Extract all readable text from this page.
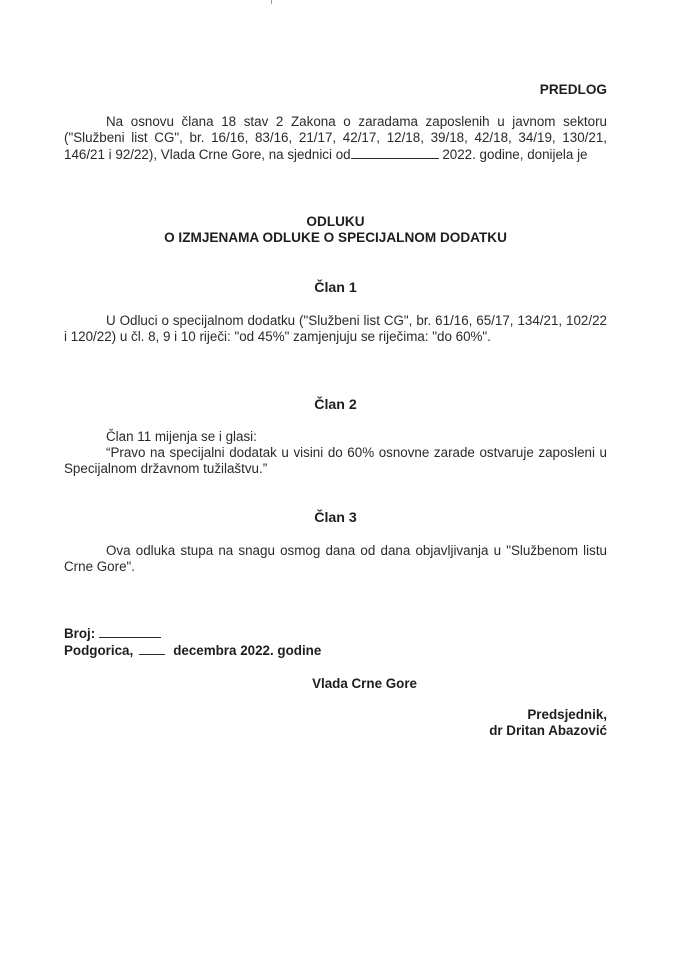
PREDLOG
Na osnovu člana 18 stav 2 Zakona o zaradama zaposlenih u javnom sektoru ("Službeni list CG", br. 16/16, 83/16, 21/17, 42/17, 12/18, 39/18, 42/18, 34/19, 130/21, 146/21 i 92/22), Vlada Crne Gore, na sjednici od	2022. godine, donijela je
ODLUKU
O IZMJENAMA ODLUKE O SPECIJALNOM DODATKU
Član 1
U Odluci o specijalnom dodatku ("Službeni list CG", br. 61/16, 65/17, 134/21, 102/22 i 120/22) u čl. 8, 9 i 10 riječi: "od 45%" zamjenjuju se riječima: "do 60%".
Član 2
Član 11 mijenja se i glasi:
“Pravo na specijalni dodatak u visini do 60% osnovne zarade ostvaruje zaposleni u Specijalnom državnom tužilaštvu.”
Član 3
Ova odluka stupa na snagu osmog dana od dana objavljivanja u "Službenom listu Crne Gore".
Broj:
Podgorica,	decembra 2022. godine
Vlada Crne Gore
Predsjednik,
dr Dritan Abazović
